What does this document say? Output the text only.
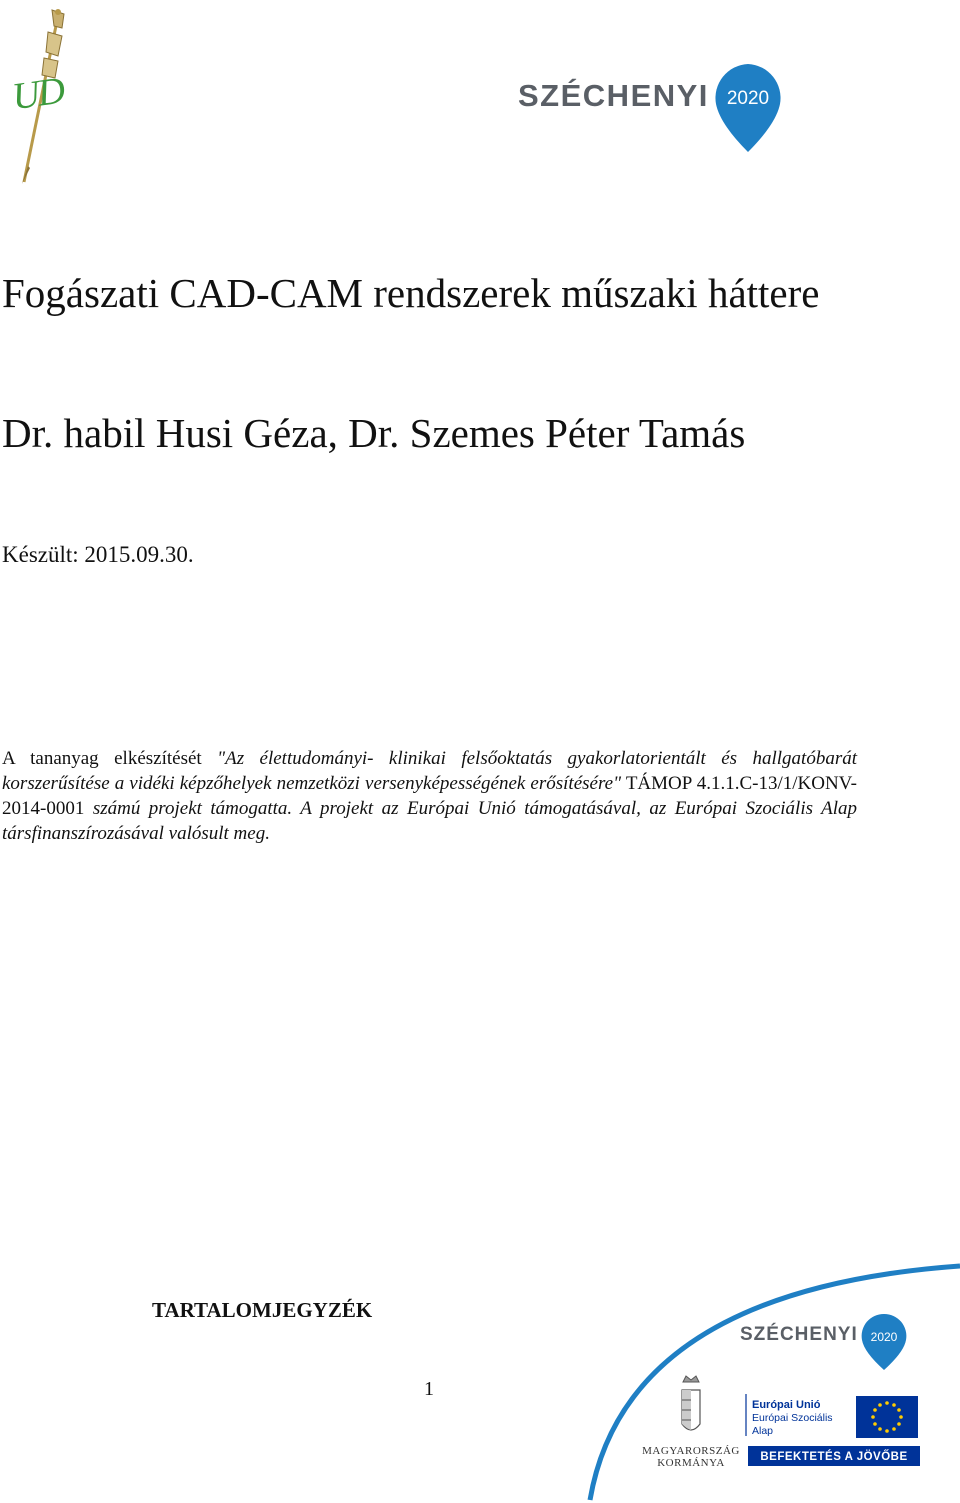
UD	SZÉCHENYI 2020
Fogászati CAD-CAM rendszerek műszaki háttere
Dr. habil Husi Géza, Dr. Szemes Péter Tamás

Készült: 2015.09.30.

A tananyag elkészítését "Az élettudományi- klinikai felsőoktatás gyakorlatorientált és hallgatóbarát korszerűsítése a vidéki képzőhelyek nemzetközi versenyképességének erősítésére" TÁMOP 4.1.1.C-13/1/KONV-2014-0001 számú projekt támogatta. A projekt az Európai Unió támogatásával, az Európai Szociális Alap társfinanszírozásával valósult meg.

TARTALOMJEGYZÉK

1
SZÉCHENYI 2020
MAGYARORSZÁG
KORMÁNYA
Európai Unió
Európai Szociális
Alap
BEFEKTETÉS A JÖVŐBE
